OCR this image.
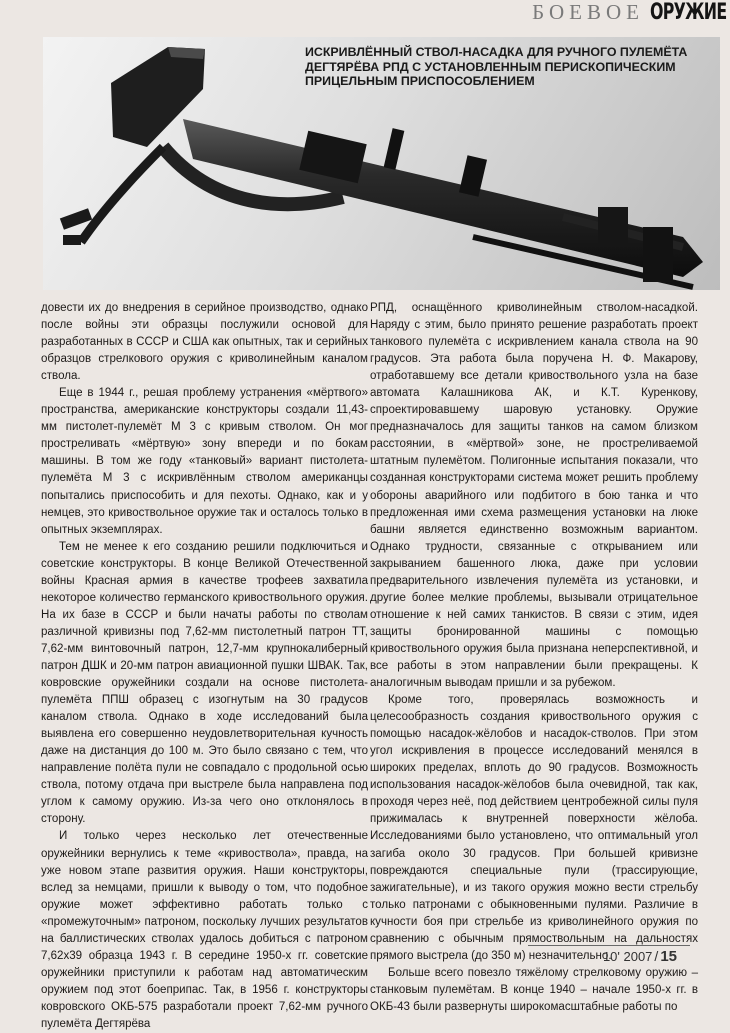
БОЕВОЕ ОРУЖИЕ
ИСКРИВЛЁННЫЙ СТВОЛ-НАСАДКА ДЛЯ РУЧНОГО ПУЛЕМЁТА ДЕГТЯРЁВА РПД С УСТАНОВЛЕННЫМ ПЕРИСКОПИЧЕСКИМ ПРИЦЕЛЬНЫМ ПРИСПОСОБЛЕНИЕМ

довести их до внедрения в серийное производство, однако после войны эти образцы послужили основой для разработанных в СССР и США как опытных, так и серийных образцов стрелкового оружия с криволинейным каналом ствола.

Еще в 1944 г., решая проблему устранения «мёртвого» пространства, американские конструкторы создали 11,43-мм пистолет-пулемёт М 3 с кривым стволом. Он мог простреливать «мёртвую» зону впереди и по бокам машины. В том же году «танковый» вариант пистолета-пулемёта М 3 с искривлённым стволом американцы попытались приспособить и для пехоты. Однако, как и у немцев, это кривоствольное оружие так и осталось только в опытных экземплярах.

Тем не менее к его созданию решили подключиться и советские конструкторы. В конце Великой Отечественной войны Красная армия в качестве трофеев захватила некоторое количество германского кривоствольного оружия. На их базе в СССР и были начаты работы по стволам различной кривизны под 7,62-мм пистолетный патрон ТТ, 7,62-мм винтовочный патрон, 12,7-мм крупнокалиберный патрон ДШК и 20-мм патрон авиационной пушки ШВАК. Так, ковровские оружейники создали на основе пистолета-пулемёта ППШ образец с изогнутым на 30 градусов каналом ствола. Однако в ходе исследований была выявлена его совершенно неудовлетворительная кучность даже на дистанция до 100 м. Это было связано с тем, что направление полёта пули не совпадало с продольной осью ствола, потому отдача при выстреле была направлена под углом к самому оружию. Из-за чего оно отклонялось в сторону.

И только через несколько лет отечественные оружейники вернулись к теме «кривоствола», правда, на уже новом этапе развития оружия. Наши конструкторы, вслед за немцами, пришли к выводу о том, что подобное оружие может эффективно работать только с «промежуточным» патроном, поскольку лучших результатов на баллистических стволах удалось добиться с патроном 7,62х39 образца 1943 г. В середине 1950-х гг. советские оружейники приступили к работам над автоматическим оружием под этот боеприпас. Так, в 1956 г. конструкторы ковровского ОКБ-575 разработали проект 7,62-мм ручного пулемёта Дегтярёва

РПД, оснащённого криволинейным стволом-насадкой. Наряду с этим, было принято решение разработать проект танкового пулемёта с искривлением канала ствола на 90 градусов. Эта работа была поручена Н. Ф. Макарову, отработавшему все детали кривоствольного узла на базе автомата Калашникова АК, и К.Т. Куренкову, спроектировавшему шаровую установку. Оружие предназначалось для защиты танков на самом близком расстоянии, в «мёртвой» зоне, не простреливаемой штатным пулемётом. Полигонные испытания показали, что созданная конструкторами система может решить проблему обороны аварийного или подбитого в бою танка и что предложенная ими схема размещения установки на люке башни является единственно возможным вариантом. Однако трудности, связанные с открыванием или закрыванием башенного люка, даже при условии предварительного извлечения пулемёта из установки, и другие более мелкие проблемы, вызывали отрицательное отношение к ней самих танкистов. В связи с этим, идея защиты бронированной машины с помощью кривоствольного оружия была признана неперспективной, и все работы в этом направлении были прекращены. К аналогичным выводам пришли и за рубежом.

Кроме того, проверялась возможность и целесообразность создания кривоствольного оружия с помощью насадок-жёлобов и насадок-стволов. При этом угол искривления в процессе исследований менялся в широких пределах, вплоть до 90 градусов. Возможность использования насадок-жёлобов была очевидной, так как, проходя через неё, под действием центробежной силы пуля прижималась к внутренней поверхности жёлоба. Исследованиями было установлено, что оптимальный угол загиба около 30 градусов. При большей кривизне повреждаются специальные пули (трассирующие, зажигательные), и из такого оружия можно вести стрельбу только патронами с обыкновенными пулями. Различие в кучности боя при стрельбе из криволинейного оружия по сравнению с обычным прямоствольным на дальностях прямого выстрела (до 350 м) незначительно.

Больше всего повезло тяжёлому стрелковому оружию – станковым пулемётам. В конце 1940 – начале 1950-х гг. в ОКБ-43 были развернуты широкомасштабные работы по

10' 2007 / 15
